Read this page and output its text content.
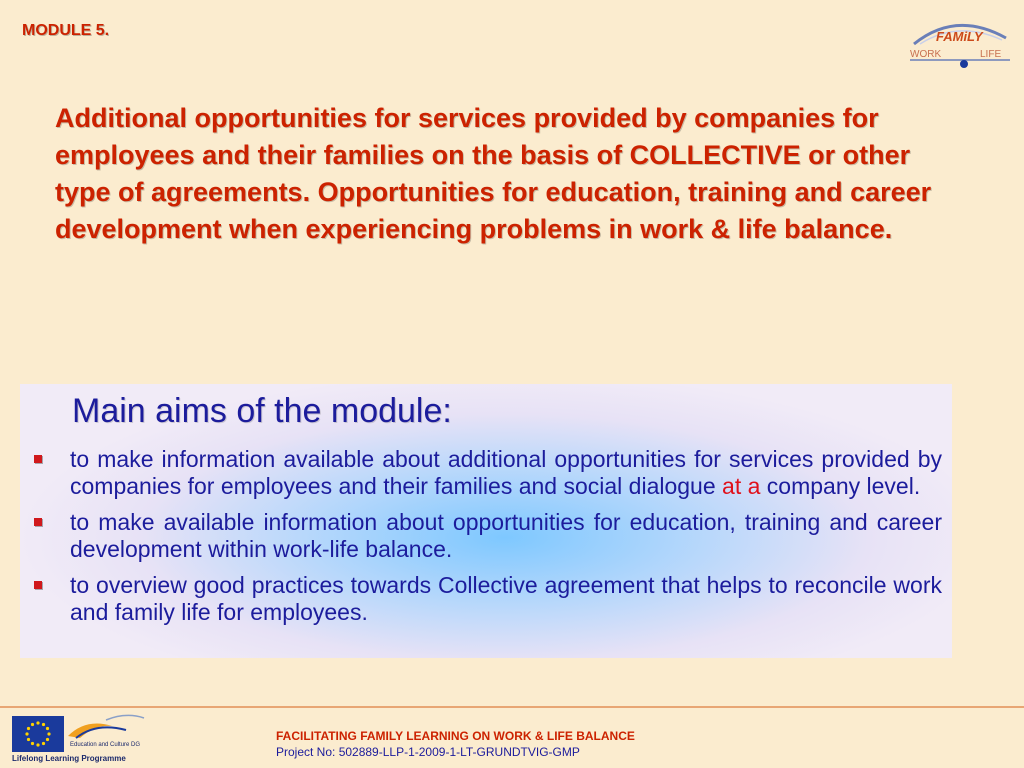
MODULE 5.	FAMiLY
WORK	LIFE
Additional opportunities for services provided by companies for employees and their families on the basis of COLLECTIVE or other type of agreements. Opportunities for education, training and career development when experiencing problems in work & life balance.
Main aims of the module:
to make information available about additional opportunities for services provided by companies for employees and their families and social dialogue at a company level.
to make available information about opportunities for education, training and career development within work-life balance.
to overview good practices towards Collective agreement that helps to reconcile work and family life for employees.
Education and Culture DG
Lifelong Learning Programme
FACILITATING FAMILY LEARNING ON WORK & LIFE BALANCE
Project No: 502889-LLP-1-2009-1-LT-GRUNDTVIG-GMP
